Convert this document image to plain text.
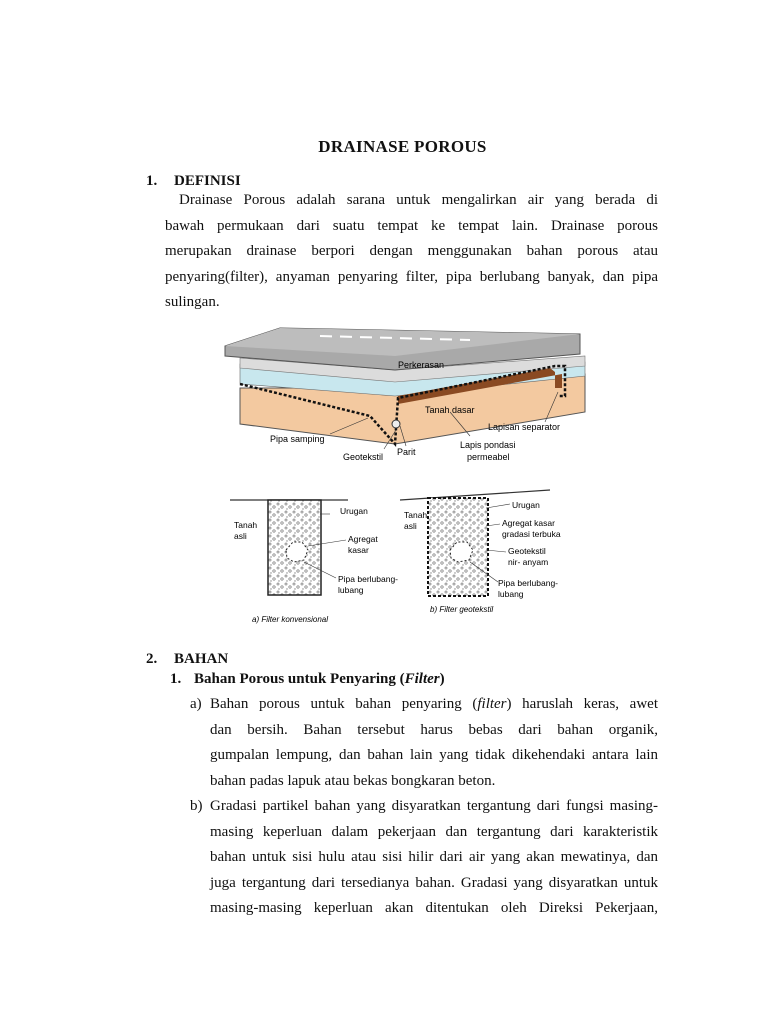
DRAINASE POROUS
1. DEFINISI
Drainase Porous adalah sarana untuk mengalirkan air yang berada di
bawah permukaan dari suatu tempat ke tempat lain. Drainase porous
merupakan drainase berpori dengan menggunakan bahan porous atau
penyaring(filter), anyaman penyaring filter, pipa berlubang banyak, dan pipa
sulingan.
Perkerasan
Tanah dasar
Lapisan separator
Pipa samping
Geotekstil Parit
Lapis pondasi
permeabel
Urugan
Tanah
asli	Agregat
kasar
Pipa berlubang-
lubang
a) Filter konvensional
Urugan
Tanah
asli	Agregat kasar
gradasi terbuka
Geotekstil
nir- anyam
Pipa berlubang-
lubang
b) Filter geotekstil
2. BAHAN
1. Bahan Porous untuk Penyaring (Filter)
a) Bahan porous untuk bahan penyaring (filter) haruslah keras, awet
dan bersih. Bahan tersebut harus bebas dari bahan organik,
gumpalan lempung, dan bahan lain yang tidak dikehendaki antara lain
bahan padas lapuk atau bekas bongkaran beton.
b) Gradasi partikel bahan yang disyaratkan tergantung dari fungsi masing-
masing keperluan dalam pekerjaan dan tergantung dari karakteristik
bahan untuk sisi hulu atau sisi hilir dari air yang akan mewatinya, dan
juga tergantung dari tersedianya bahan. Gradasi yang disyaratkan untuk
masing-masing keperluan akan ditentukan oleh Direksi Pekerjaan,
